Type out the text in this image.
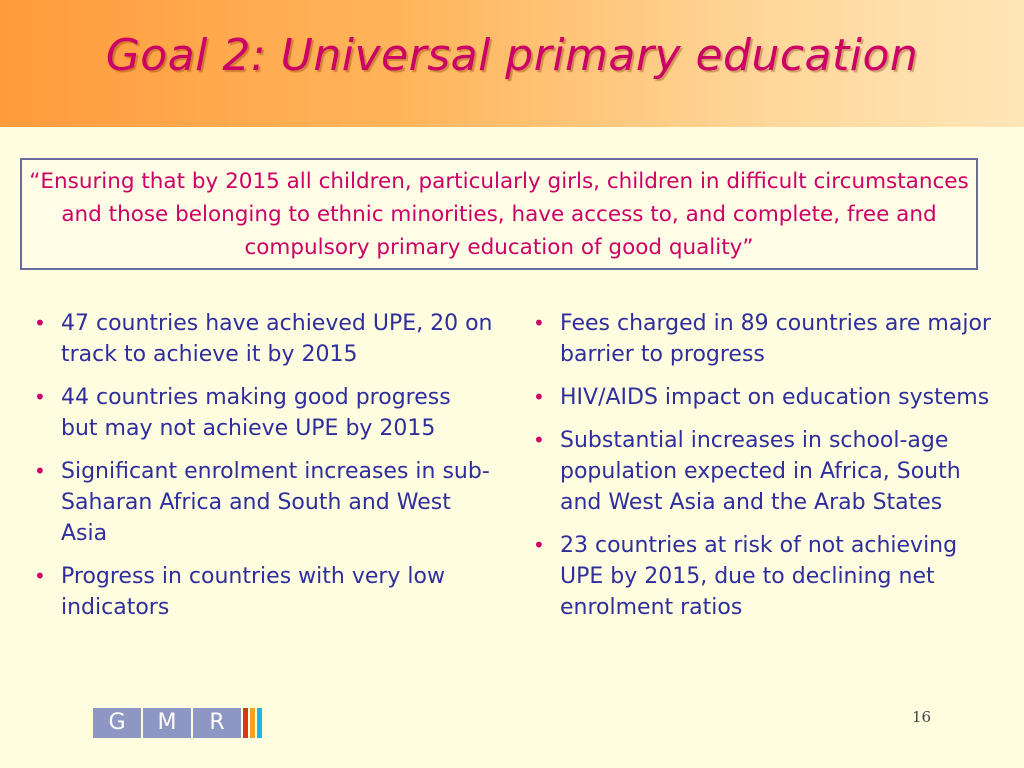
Goal 2: Universal primary education
“Ensuring that by 2015 all children, particularly girls, children in difficult circumstances and those belonging to ethnic minorities, have access to, and complete, free and compulsory primary education of good quality”
• 47 countries have achieved UPE, 20 on track to achieve it by 2015
• 44 countries making good progress but may not achieve UPE by 2015
• Significant enrolment increases in sub-Saharan Africa and South and West Asia
• Progress in countries with very low indicators
• Fees charged in 89 countries are major barrier to progress
• HIV/AIDS impact on education systems
• Substantial increases in school-age population expected in Africa, South and West Asia and the Arab States
• 23 countries at risk of not achieving UPE by 2015, due to declining net enrolment ratios
G	M	R	16
